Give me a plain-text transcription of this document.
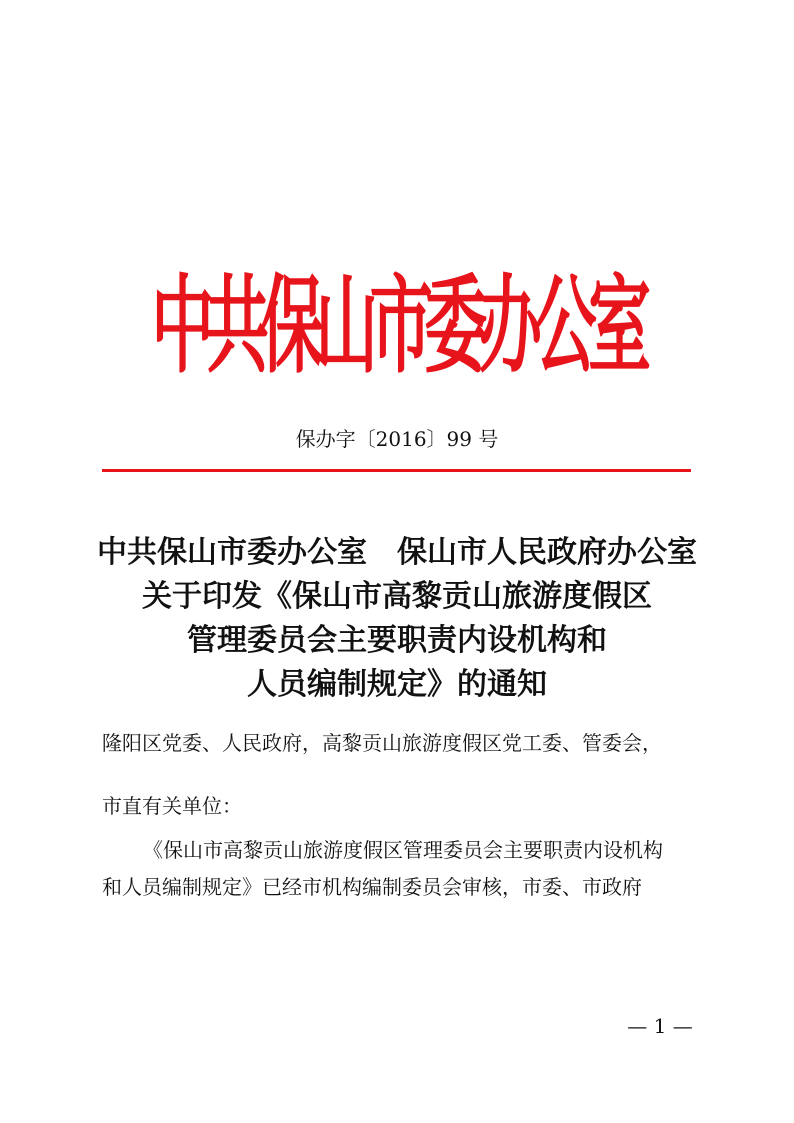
中共保山市委办公室
保办字〔2016〕99 号
中共保山市委办公室　保山市人民政府办公室
关于印发《保山市高黎贡山旅游度假区
管理委员会主要职责内设机构和
人员编制规定》的通知
隆阳区党委、人民政府，高黎贡山旅游度假区党工委、管委会，
市直有关单位：
《保山市高黎贡山旅游度假区管理委员会主要职责内设机构
和人员编制规定》已经市机构编制委员会审核，市委、市政府
— 1 —
